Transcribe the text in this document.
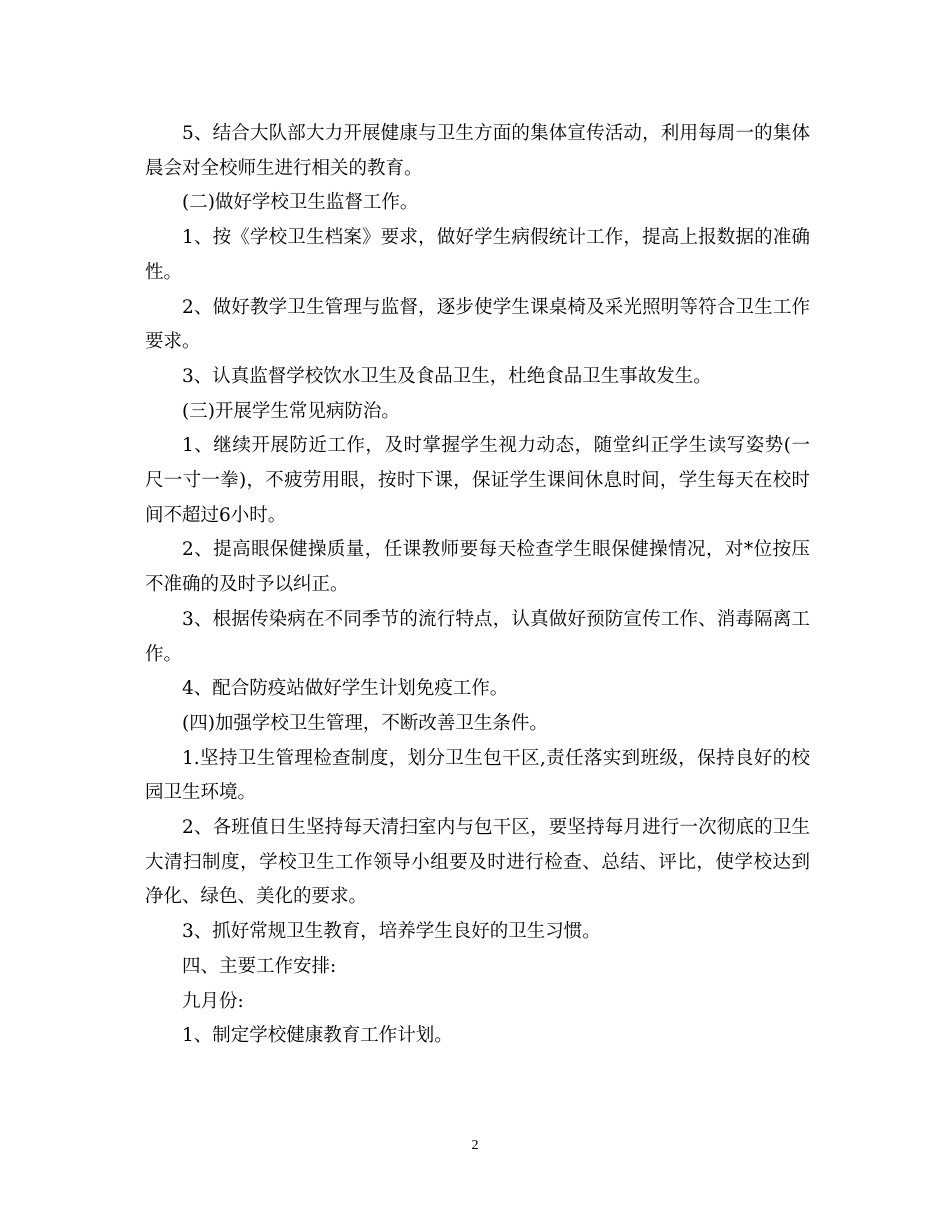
5、结合大队部大力开展健康与卫生方面的集体宣传活动，利用每周一的集体晨会对全校师生进行相关的教育。

(二)做好学校卫生监督工作。

1、按《学校卫生档案》要求，做好学生病假统计工作，提高上报数据的准确性。

2、做好教学卫生管理与监督，逐步使学生课桌椅及采光照明等符合卫生工作要求。

3、认真监督学校饮水卫生及食品卫生，杜绝食品卫生事故发生。

(三)开展学生常见病防治。

1、继续开展防近工作，及时掌握学生视力动态，随堂纠正学生读写姿势(一尺一寸一拳)，不疲劳用眼，按时下课，保证学生课间休息时间，学生每天在校时间不超过6小时。

2、提高眼保健操质量，任课教师要每天检查学生眼保健操情况，对*位按压不准确的及时予以纠正。

3、根据传染病在不同季节的流行特点，认真做好预防宣传工作、消毒隔离工作。

4、配合防疫站做好学生计划免疫工作。

(四)加强学校卫生管理，不断改善卫生条件。

1.坚持卫生管理检查制度，划分卫生包干区,责任落实到班级，保持良好的校园卫生环境。

2、各班值日生坚持每天清扫室内与包干区，要坚持每月进行一次彻底的卫生大清扫制度，学校卫生工作领导小组要及时进行检查、总结、评比，使学校达到净化、绿色、美化的要求。

3、抓好常规卫生教育，培养学生良好的卫生习惯。

四、主要工作安排:

九月份:

1、制定学校健康教育工作计划。

2
